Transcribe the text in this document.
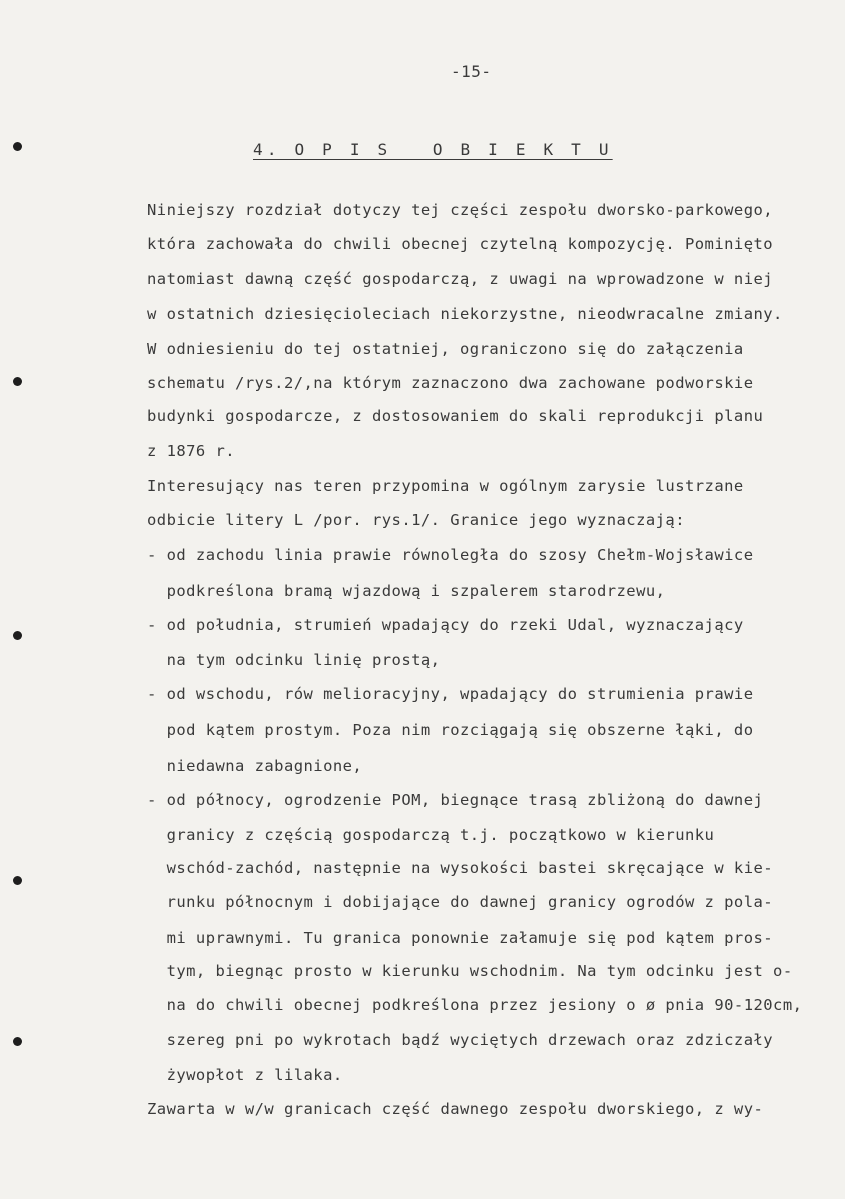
-15-
4. O P I S   O B I E K T U
Niniejszy rozdział dotyczy tej części zespołu dworsko-parkowego,
która zachowała do chwili obecnej czytelną kompozycję. Pominięto
natomiast dawną część gospodarczą, z uwagi na wprowadzone w niej
w ostatnich dziesięcioleciach niekorzystne, nieodwracalne zmiany.
W odniesieniu do tej ostatniej, ograniczono się do załączenia
schematu /rys.2/,na którym zaznaczono dwa zachowane podworskie
budynki gospodarcze, z dostosowaniem do skali reprodukcji planu
z 1876 r.
Interesujący nas teren przypomina w ogólnym zarysie lustrzane
odbicie litery L /por. rys.1/. Granice jego wyznaczają:
- od zachodu linia prawie równoległa do szosy Chełm-Wojsławice
podkreślona bramą wjazdową i szpalerem starodrzewu,
- od południa, strumień wpadający do rzeki Udal, wyznaczający
na tym odcinku linię prostą,
- od wschodu, rów melioracyjny, wpadający do strumienia prawie
pod kątem prostym. Poza nim rozciągają się obszerne łąki, do
niedawna zabagnione,
- od północy, ogrodzenie POM, biegnące trasą zbliżoną do dawnej
granicy z częścią gospodarczą t.j. początkowo w kierunku
wschód-zachód, następnie na wysokości bastei skręcające w kie-
runku północnym i dobijające do dawnej granicy ogrodów z pola-
mi uprawnymi. Tu granica ponownie załamuje się pod kątem pros-
tym, biegnąc prosto w kierunku wschodnim. Na tym odcinku jest o-
na do chwili obecnej podkreślona przez jesiony o ø pnia 90-120cm,
szereg pni po wykrotach bądź wyciętych drzewach oraz zdziczały
żywopłot z lilaka.
Zawarta w w/w granicach część dawnego zespołu dworskiego, z wy-
